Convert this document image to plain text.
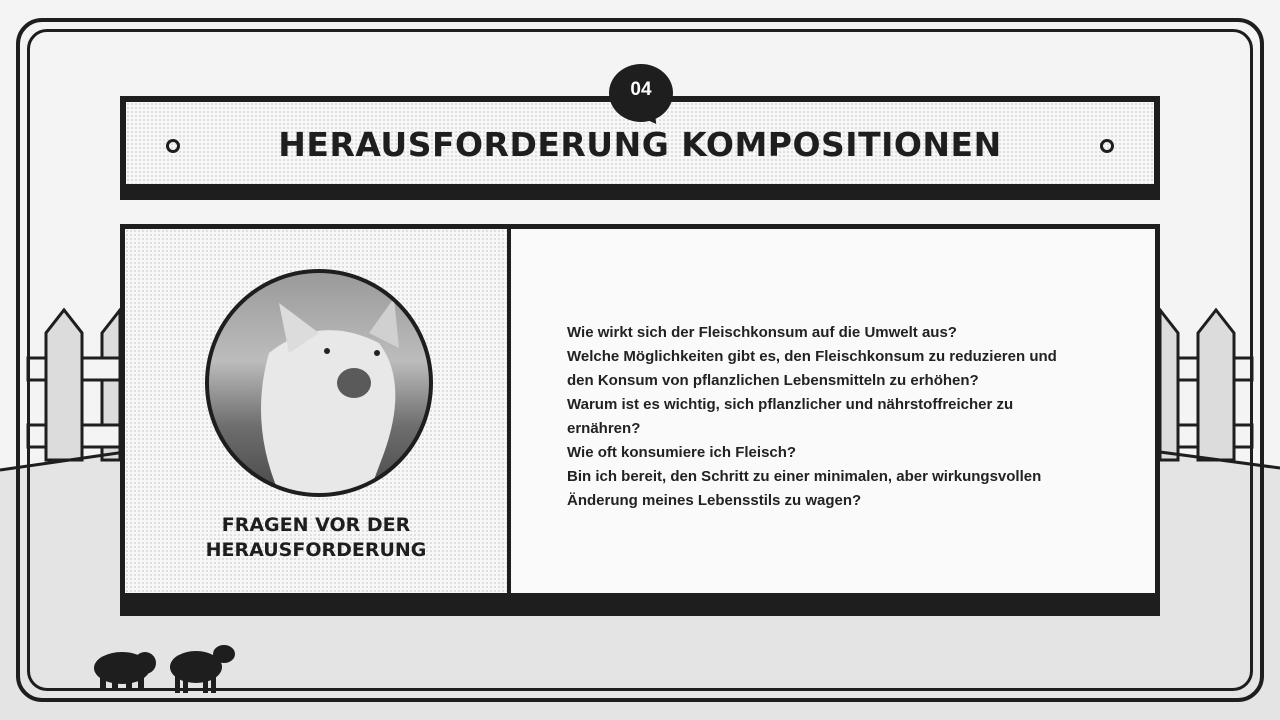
HERAUSFORDERUNG KOMPOSITIONEN
04
FRAGEN VOR DER
HERAUSFORDERUNG

Wie wirkt sich der Fleischkonsum auf die Umwelt aus?

Welche Möglichkeiten gibt es, den Fleischkonsum zu reduzieren und den Konsum von pflanzlichen Lebensmitteln zu erhöhen?

Warum ist es wichtig, sich pflanzlicher und nährstoffreicher zu ernähren?

Wie oft konsumiere ich Fleisch?

Bin ich bereit, den Schritt zu einer minimalen, aber wirkungsvollen Änderung meines Lebensstils zu wagen?
